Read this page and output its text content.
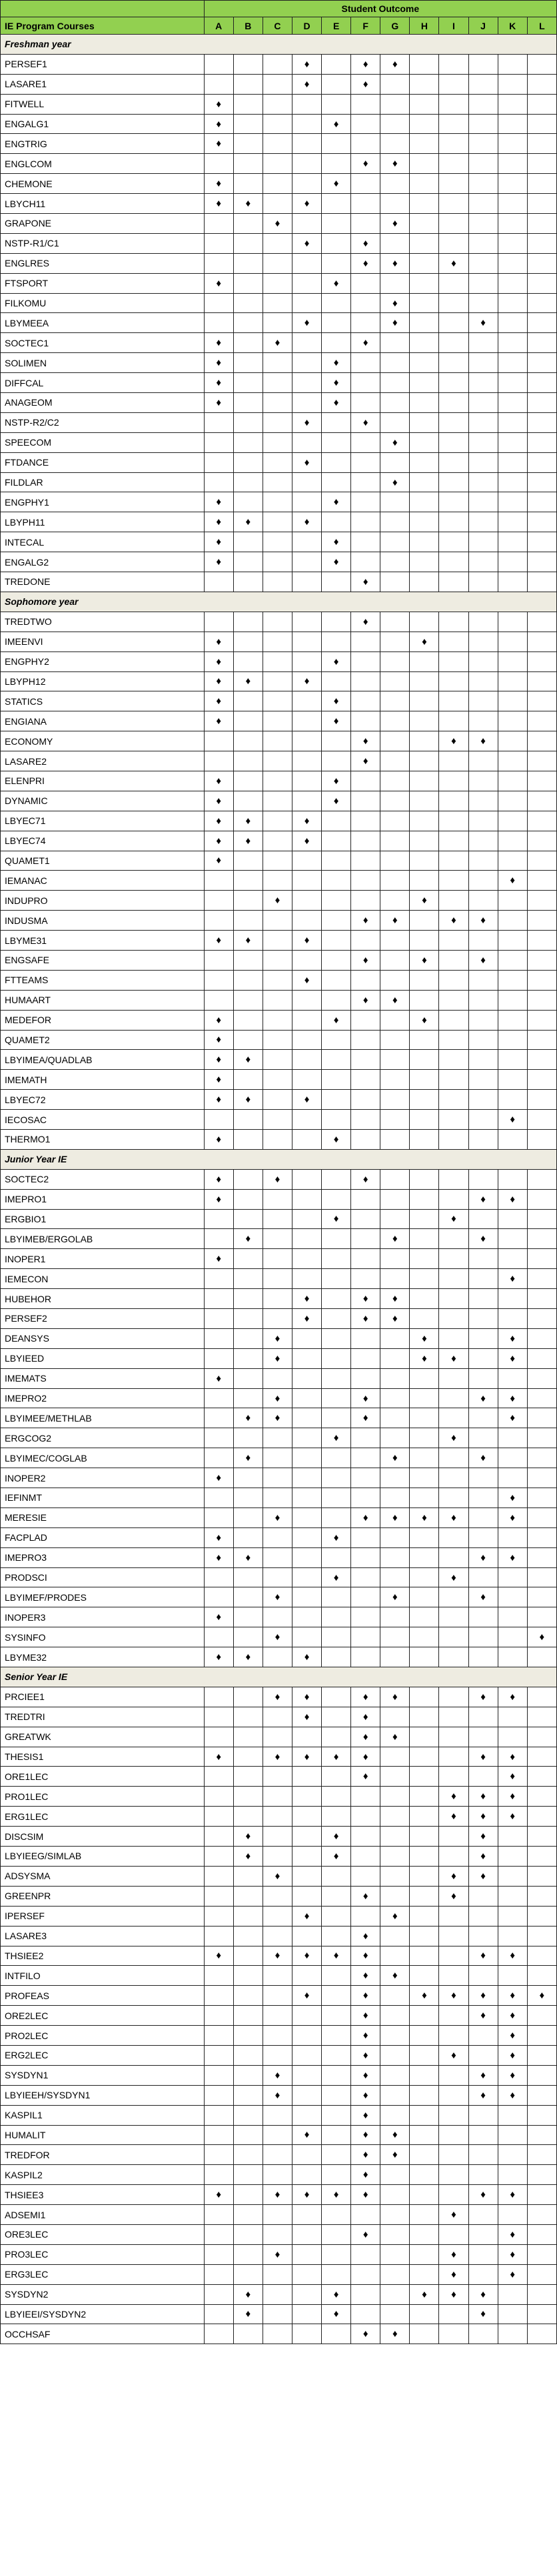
	Student Outcome											
IE Program Courses	A	B	C	D	E	F	G	H	I	J	K	L
Freshman year												
PERSEF1				♦		♦	♦					
LASARE1				♦		♦						
FITWELL	♦											
ENGALG1	♦				♦							
ENGTRIG	♦											
ENGLCOM						♦	♦					
CHEMONE	♦				♦							
LBYCH11	♦	♦		♦								
GRAPONE			♦				♦					
NSTP-R1/C1				♦		♦						
ENGLRES						♦	♦		♦			
FTSPORT	♦				♦							
FILKOMU							♦					
LBYMEEA				♦			♦			♦		
SOCTEC1	♦		♦			♦						
SOLIMEN	♦				♦							
DIFFCAL	♦				♦							
ANAGEOM	♦				♦							
NSTP-R2/C2				♦		♦						
SPEECOM							♦					
FTDANCE				♦								
FILDLAR							♦					
ENGPHY1	♦				♦							
LBYPH11	♦	♦		♦								
INTECAL	♦				♦							
ENGALG2	♦				♦							
TREDONE						♦						
Sophomore year												
TREDTWO						♦						
IMEENVI	♦							♦				
ENGPHY2	♦				♦							
LBYPH12	♦	♦		♦								
STATICS	♦				♦							
ENGIANA	♦				♦							
ECONOMY						♦			♦	♦		
LASARE2						♦						
ELENPRI	♦				♦							
DYNAMIC	♦				♦							
LBYEC71	♦	♦		♦								
LBYEC74	♦	♦		♦								
QUAMET1	♦											
IEMANAC											♦	
INDUPRO			♦					♦				
INDUSMA						♦	♦		♦	♦		
LBYME31	♦	♦		♦								
ENGSAFE						♦		♦		♦		
FTTEAMS				♦								
HUMAART						♦	♦					
MEDEFOR	♦				♦			♦				
QUAMET2	♦											
LBYIMEA/QUADLAB	♦	♦										
IMEMATH	♦											
LBYEC72	♦	♦		♦								
IECOSAC											♦	
THERMO1	♦				♦							
Junior Year IE												
SOCTEC2	♦		♦			♦						
IMEPRO1	♦									♦	♦	
ERGBIO1					♦				♦			
LBYIMEB/ERGOLAB		♦					♦			♦		
INOPER1	♦											
IEMECON											♦	
HUBEHOR				♦		♦	♦					
PERSEF2				♦		♦	♦					
DEANSYS			♦					♦			♦	
LBYIEED			♦					♦	♦		♦	
IMEMATS	♦											
IMEPRO2			♦			♦				♦	♦	
LBYIMEE/METHLAB		♦	♦			♦					♦	
ERGCOG2					♦				♦			
LBYIMEC/COGLAB		♦					♦			♦		
INOPER2	♦											
IEFINMT											♦	
MERESIE			♦			♦	♦	♦	♦		♦	
FACPLAD	♦				♦							
IMEPRO3	♦	♦								♦	♦	
PRODSCI					♦				♦			
LBYIMEF/PRODES			♦				♦			♦		
INOPER3	♦											
SYSINFO			♦									♦
LBYME32	♦	♦		♦								
Senior Year IE												
PRCIEE1			♦	♦		♦	♦			♦	♦	
TREDTRI				♦		♦						
GREATWK						♦	♦					
THESIS1	♦		♦	♦	♦	♦				♦	♦	
ORE1LEC						♦					♦	
PRO1LEC									♦	♦	♦	
ERG1LEC									♦	♦	♦	
DISCSIM		♦			♦					♦		
LBYIEEG/SIMLAB		♦			♦					♦		
ADSYSMA			♦						♦	♦		
GREENPR						♦			♦			
IPERSEF				♦			♦					
LASARE3						♦						
THSIEE2	♦		♦	♦	♦	♦				♦	♦	
INTFILO						♦	♦					
PROFEAS				♦		♦		♦	♦	♦	♦	♦
ORE2LEC						♦				♦	♦	
PRO2LEC						♦					♦	
ERG2LEC						♦			♦		♦	
SYSDYN1			♦			♦				♦	♦	
LBYIEEH/SYSDYN1			♦			♦				♦	♦	
KASPIL1						♦						
HUMALIT				♦		♦	♦					
TREDFOR						♦	♦					
KASPIL2						♦						
THSIEE3	♦		♦	♦	♦	♦				♦	♦	
ADSEMI1									♦			
ORE3LEC						♦					♦	
PRO3LEC			♦						♦		♦	
ERG3LEC									♦		♦	
SYSDYN2		♦			♦			♦	♦	♦		
LBYIEEI/SYSDYN2		♦			♦					♦		
OCCHSAF						♦	♦					
